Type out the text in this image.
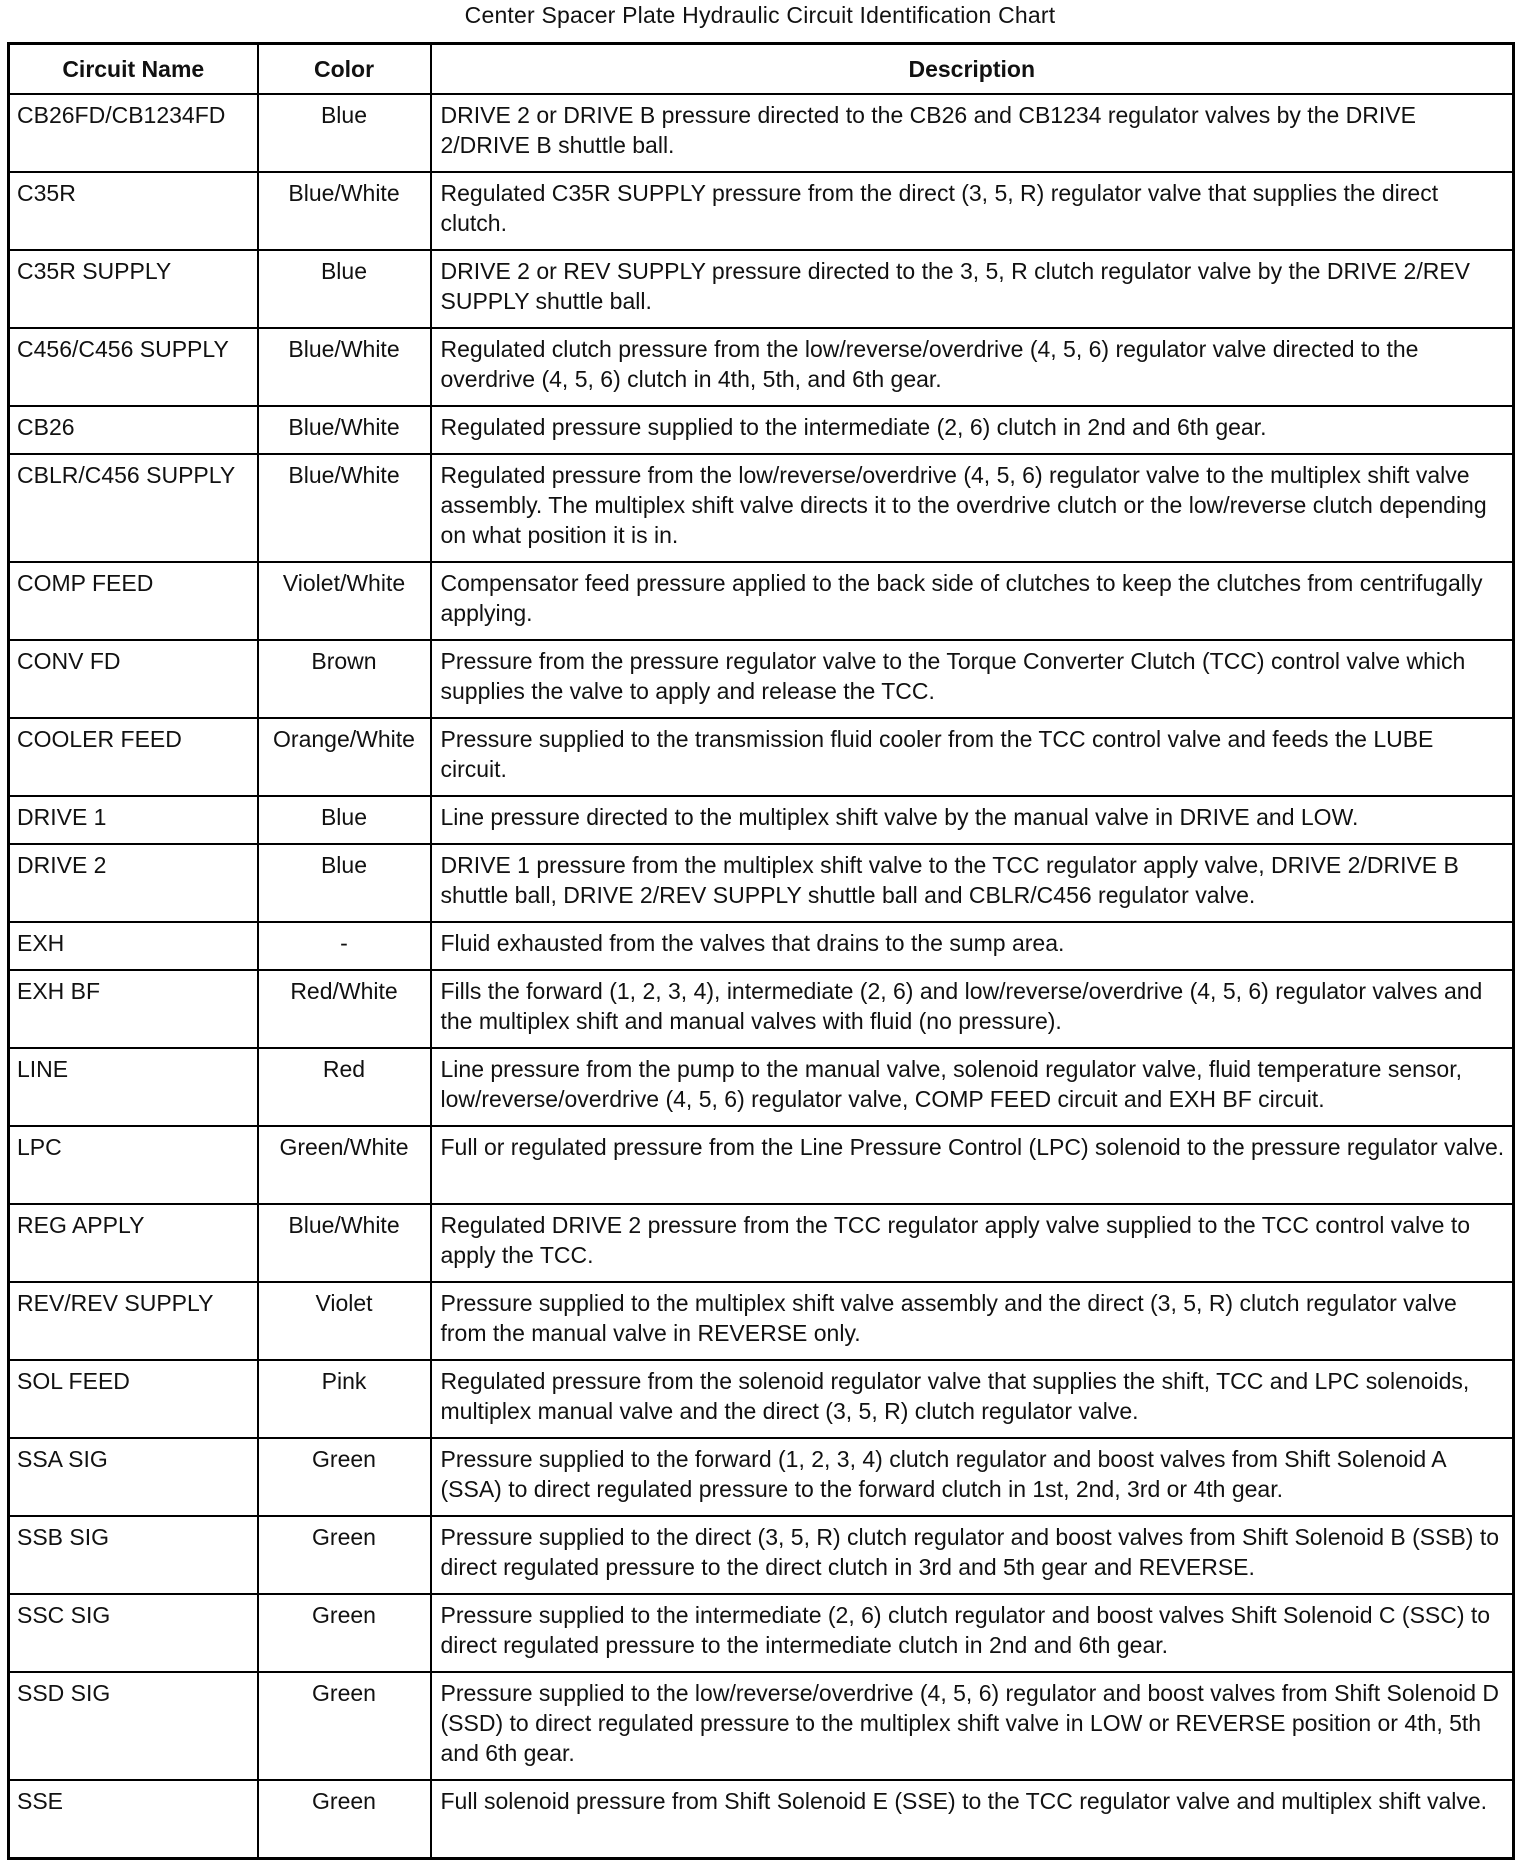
Center Spacer Plate Hydraulic Circuit Identification Chart
Circuit Name	Color	Description
CB26FD/CB1234FD	Blue	DRIVE 2 or DRIVE B pressure directed to the CB26 and CB1234 regulator valves by the DRIVE 2/DRIVE B shuttle ball.
C35R	Blue/White	Regulated C35R SUPPLY pressure from the direct (3, 5, R) regulator valve that supplies the direct clutch.
C35R SUPPLY	Blue	DRIVE 2 or REV SUPPLY pressure directed to the 3, 5, R clutch regulator valve by the DRIVE 2/REV SUPPLY shuttle ball.
C456/C456 SUPPLY	Blue/White	Regulated clutch pressure from the low/reverse/overdrive (4, 5, 6) regulator valve directed to the overdrive (4, 5, 6) clutch in 4th, 5th, and 6th gear.
CB26	Blue/White	Regulated pressure supplied to the intermediate (2, 6) clutch in 2nd and 6th gear.
CBLR/C456 SUPPLY	Blue/White	Regulated pressure from the low/reverse/overdrive (4, 5, 6) regulator valve to the multiplex shift valve assembly. The multiplex shift valve directs it to the overdrive clutch or the low/reverse clutch depending on what position it is in.
COMP FEED	Violet/White	Compensator feed pressure applied to the back side of clutches to keep the clutches from centrifugally applying.
CONV FD	Brown	Pressure from the pressure regulator valve to the Torque Converter Clutch (TCC) control valve which supplies the valve to apply and release the TCC.
COOLER FEED	Orange/White	Pressure supplied to the transmission fluid cooler from the TCC control valve and feeds the LUBE circuit.
DRIVE 1	Blue	Line pressure directed to the multiplex shift valve by the manual valve in DRIVE and LOW.
DRIVE 2	Blue	DRIVE 1 pressure from the multiplex shift valve to the TCC regulator apply valve, DRIVE 2/DRIVE B shuttle ball, DRIVE 2/REV SUPPLY shuttle ball and CBLR/C456 regulator valve.
EXH	-	Fluid exhausted from the valves that drains to the sump area.
EXH BF	Red/White	Fills the forward (1, 2, 3, 4), intermediate (2, 6) and low/reverse/overdrive (4, 5, 6) regulator valves and the multiplex shift and manual valves with fluid (no pressure).
LINE	Red	Line pressure from the pump to the manual valve, solenoid regulator valve, fluid temperature sensor, low/reverse/overdrive (4, 5, 6) regulator valve, COMP FEED circuit and EXH BF circuit.
LPC	Green/White	Full or regulated pressure from the Line Pressure Control (LPC) solenoid to the pressure regulator valve.
REG APPLY	Blue/White	Regulated DRIVE 2 pressure from the TCC regulator apply valve supplied to the TCC control valve to apply the TCC.
REV/REV SUPPLY	Violet	Pressure supplied to the multiplex shift valve assembly and the direct (3, 5, R) clutch regulator valve from the manual valve in REVERSE only.
SOL FEED	Pink	Regulated pressure from the solenoid regulator valve that supplies the shift, TCC and LPC solenoids, multiplex manual valve and the direct (3, 5, R) clutch regulator valve.
SSA SIG	Green	Pressure supplied to the forward (1, 2, 3, 4) clutch regulator and boost valves from Shift Solenoid A (SSA) to direct regulated pressure to the forward clutch in 1st, 2nd, 3rd or 4th gear.
SSB SIG	Green	Pressure supplied to the direct (3, 5, R) clutch regulator and boost valves from Shift Solenoid B (SSB) to direct regulated pressure to the direct clutch in 3rd and 5th gear and REVERSE.
SSC SIG	Green	Pressure supplied to the intermediate (2, 6) clutch regulator and boost valves Shift Solenoid C (SSC) to direct regulated pressure to the intermediate clutch in 2nd and 6th gear.
SSD SIG	Green	Pressure supplied to the low/reverse/overdrive (4, 5, 6) regulator and boost valves from Shift Solenoid D (SSD) to direct regulated pressure to the multiplex shift valve in LOW or REVERSE position or 4th, 5th and 6th gear.
SSE	Green	Full solenoid pressure from Shift Solenoid E (SSE) to the TCC regulator valve and multiplex shift valve.
